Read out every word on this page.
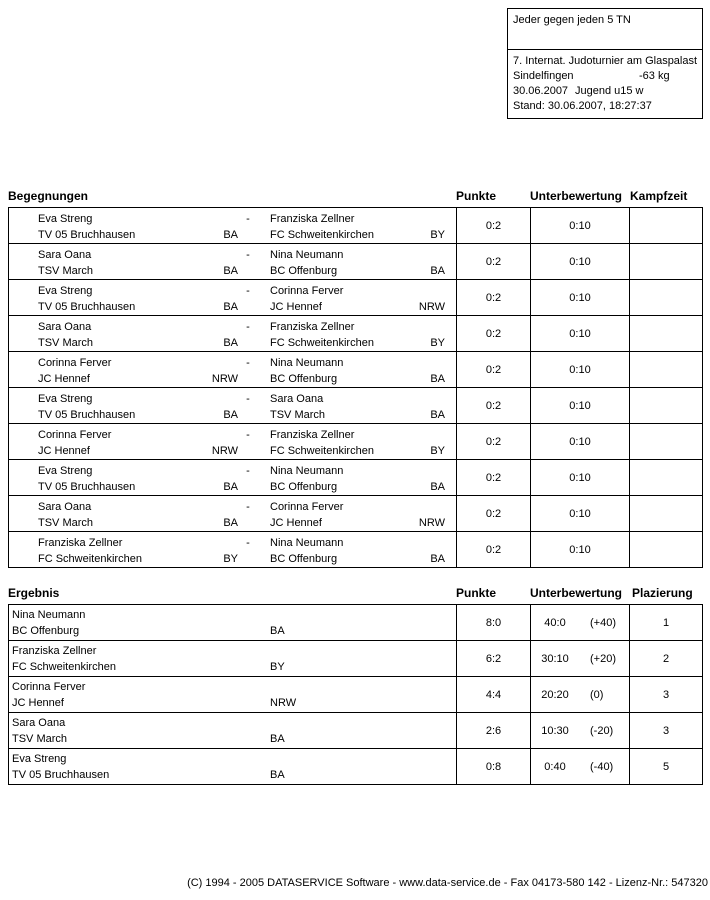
Jeder gegen jeden 5 TN
7. Internat. Judoturnier am Glaspalast
Sindelfingen	-63 kg
30.06.2007 Jugend u15 w
Stand: 30.06.2007, 18:27:37
Begegnungen	Punkte	Unterbewertung Kampfzeit
Eva Streng	-	Franziska Zellner
TV 05 Bruchhausen	BA	FC Schweitenkirchen	BY
0:2	0:10
Sara Oana	-	Nina Neumann
TSV March	BA	BC Offenburg	BA
0:2	0:10
Eva Streng	-	Corinna Ferver
TV 05 Bruchhausen	BA	JC Hennef	NRW
0:2	0:10
Sara Oana	-	Franziska Zellner
TSV March	BA	FC Schweitenkirchen	BY
0:2	0:10
Corinna Ferver	-	Nina Neumann
JC Hennef	NRW	BC Offenburg	BA
0:2	0:10
Eva Streng	-	Sara Oana
TV 05 Bruchhausen	BA	TSV March	BA
0:2	0:10
Corinna Ferver	-	Franziska Zellner
JC Hennef	NRW	FC Schweitenkirchen	BY
0:2	0:10
Eva Streng	-	Nina Neumann
TV 05 Bruchhausen	BA	BC Offenburg	BA
0:2	0:10
Sara Oana	-	Corinna Ferver
TSV March	BA	JC Hennef	NRW
0:2	0:10
Franziska Zellner	-	Nina Neumann
FC Schweitenkirchen	BY	BC Offenburg	BA
0:2	0:10
Ergebnis	Punkte	Unterbewertung Plazierung
Nina Neumann
BC Offenburg	BA
8:0	40:0	(+40)	1
Franziska Zellner
FC Schweitenkirchen	BY
6:2	30:10	(+20)	2
Corinna Ferver
JC Hennef	NRW
4:4	20:20	(0)	3
Sara Oana
TSV March	BA
2:6	10:30	(-20)	3
Eva Streng
TV 05 Bruchhausen	BA
0:8	0:40	(-40)	5
(C) 1994 - 2005 DATASERVICE Software - www.data-service.de - Fax 04173-580 142 - Lizenz-Nr.: 547320
